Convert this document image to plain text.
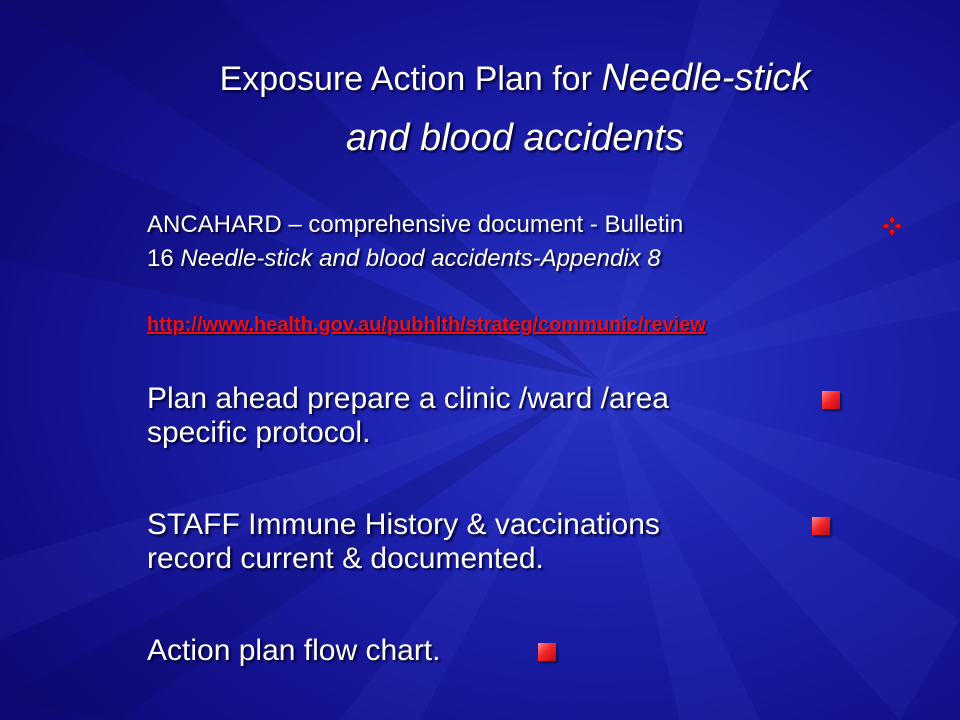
Exposure Action Plan for Needle-stick
and blood accidents
ANCAHARD – comprehensive document - Bulletin
16 Needle-stick and blood accidents-Appendix 8
http://www.health.gov.au/pubhlth/strateg/communic/review
Plan ahead prepare a clinic /ward /area
specific protocol.
STAFF Immune History & vaccinations
record current & documented.
Action plan flow chart.
